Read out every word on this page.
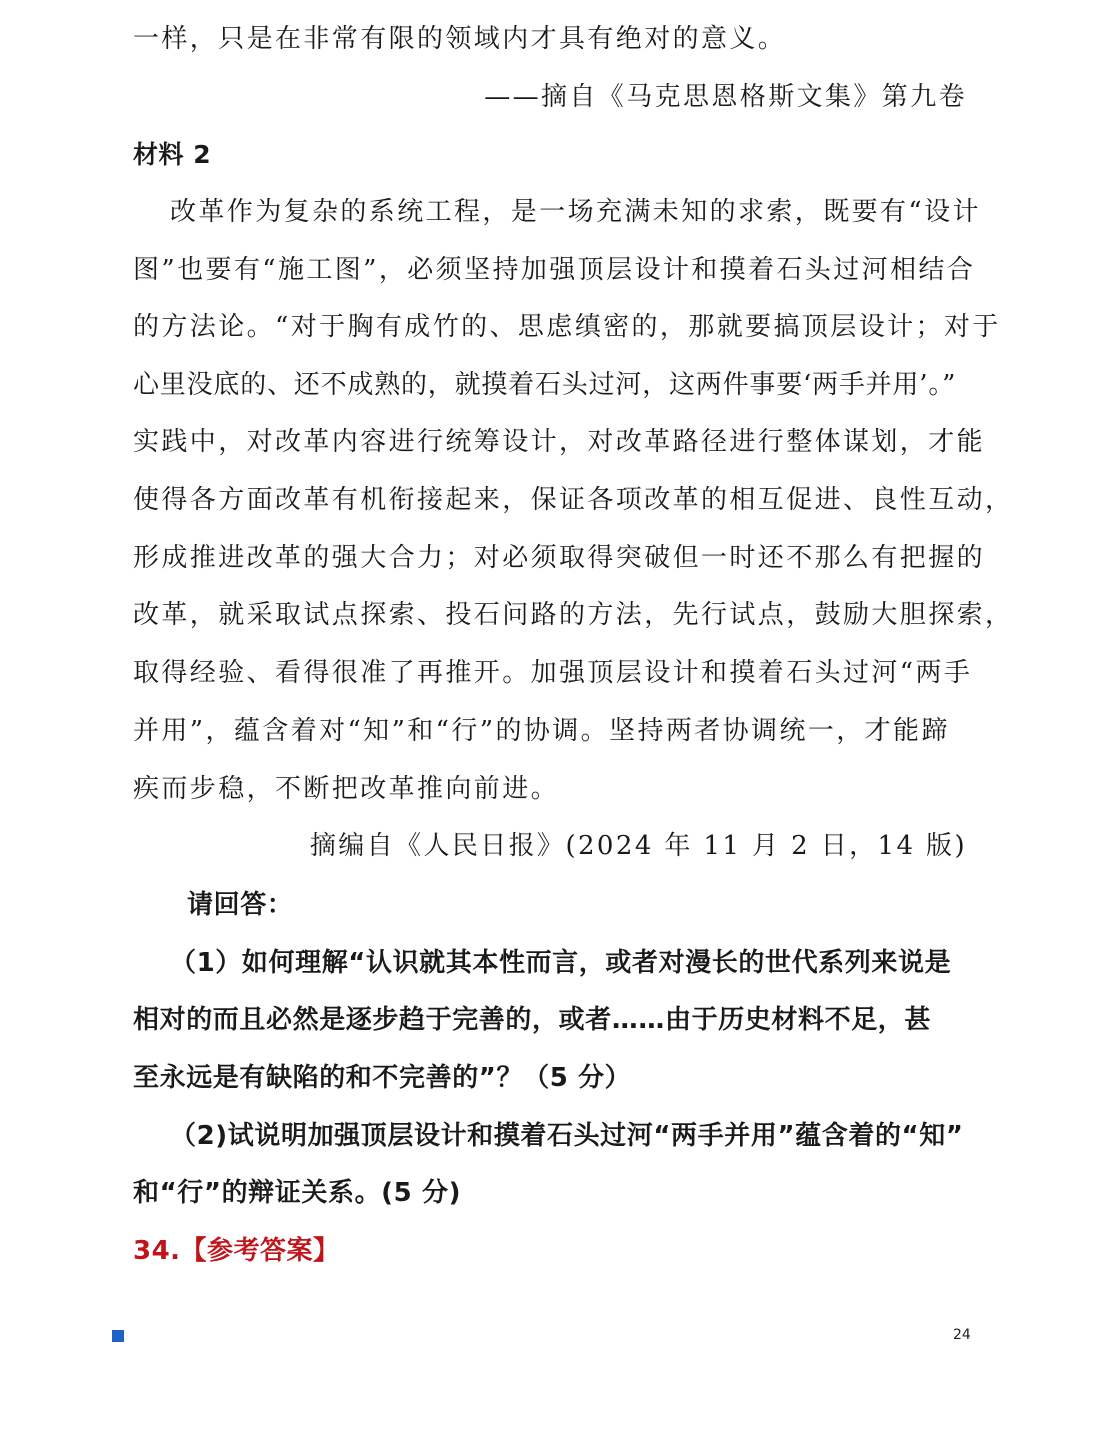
一样，只是在非常有限的领域内才具有绝对的意义。
——摘自《马克思恩格斯文集》第九卷
材料 2
改革作为复杂的系统工程，是一场充满未知的求索，既要有“设计
图”也要有“施工图”，必须坚持加强顶层设计和摸着石头过河相结合
的方法论。“对于胸有成竹的、思虑缜密的，那就要搞顶层设计；对于
心里没底的、还不成熟的，就摸着石头过河，这两件事要‘两手并用’。”
实践中，对改革内容进行统筹设计，对改革路径进行整体谋划，才能
使得各方面改革有机衔接起来，保证各项改革的相互促进、良性互动，
形成推进改革的强大合力；对必须取得突破但一时还不那么有把握的
改革，就采取试点探索、投石问路的方法，先行试点，鼓励大胆探索，
取得经验、看得很准了再推开。加强顶层设计和摸着石头过河“两手
并用”，蕴含着对“知”和“行”的协调。坚持两者协调统一，才能蹄
疾而步稳，不断把改革推向前进。
摘编自《人民日报》(2024 年 11 月 2 日，14 版)
请回答：
（1）如何理解“认识就其本性而言，或者对漫长的世代系列来说是
相对的而且必然是逐步趋于完善的，或者……由于历史材料不足，甚
至永远是有缺陷的和不完善的”？（5 分）
（2)试说明加强顶层设计和摸着石头过河“两手并用”蕴含着的“知”
和“行”的辩证关系。(5 分)
34.【参考答案】
24
